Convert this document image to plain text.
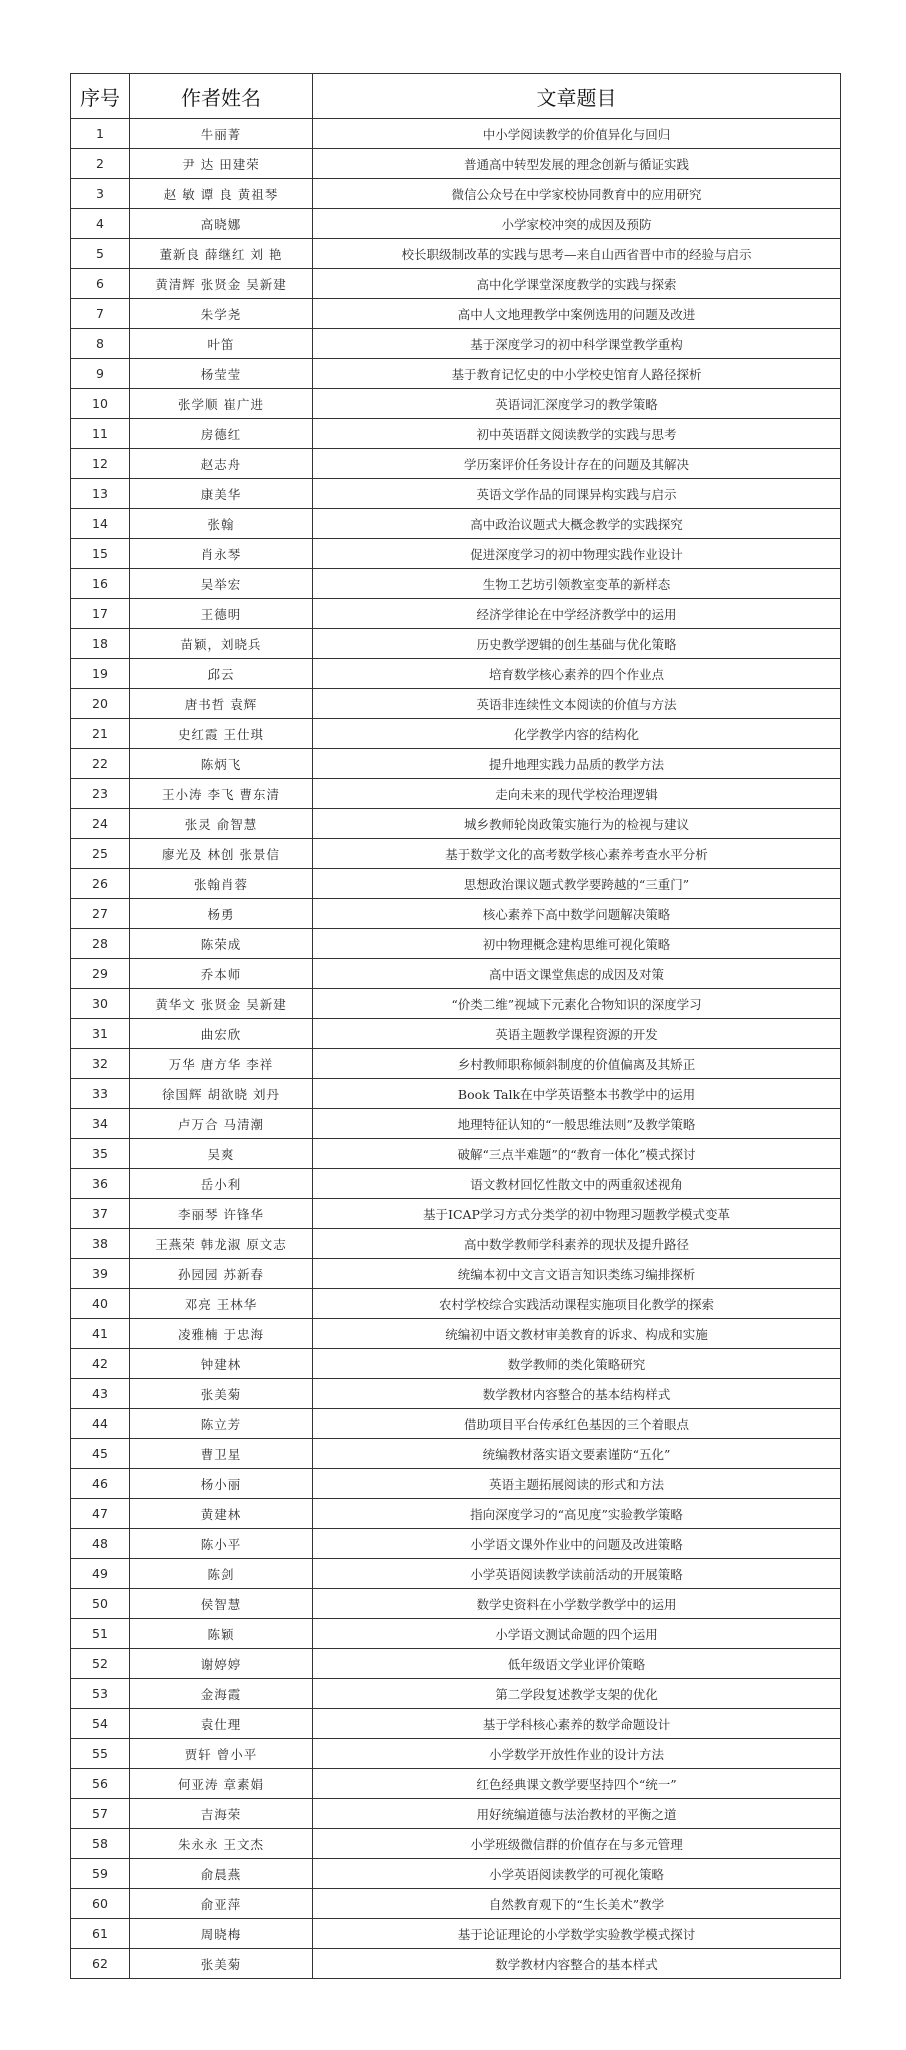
序号	作者姓名	文章题目
1	牛丽菁	中小学阅读教学的价值异化与回归
2	尹 达 田建荣	普通高中转型发展的理念创新与循证实践
3	赵 敏 谭 良 黄祖琴	微信公众号在中学家校协同教育中的应用研究
4	高晓娜	小学家校冲突的成因及预防
5	董新良 薛继红 刘 艳	校长职级制改革的实践与思考—来自山西省晋中市的经验与启示
6	黄清辉 张贤金 吴新建	高中化学课堂深度教学的实践与探索
7	朱学尧	高中人文地理教学中案例选用的问题及改进
8	叶笛	基于深度学习的初中科学课堂教学重构
9	杨莹莹	基于教育记忆史的中小学校史馆育人路径探析
10	张学顺 崔广进	英语词汇深度学习的教学策略
11	房德红	初中英语群文阅读教学的实践与思考
12	赵志舟	学历案评价任务设计存在的问题及其解决
13	康美华	英语文学作品的同课异构实践与启示
14	张翰	高中政治议题式大概念教学的实践探究
15	肖永琴	促进深度学习的初中物理实践作业设计
16	吴举宏	生物工艺坊引领教室变革的新样态
17	王德明	经济学律论在中学经济教学中的运用
18	苗颖，刘晓兵	历史教学逻辑的创生基础与优化策略
19	邱云	培育数学核心素养的四个作业点
20	唐书哲 袁辉	英语非连续性文本阅读的价值与方法
21	史红霞 王仕琪	化学教学内容的结构化
22	陈炳飞	提升地理实践力品质的教学方法
23	王小涛 李飞 曹东清	走向未来的现代学校治理逻辑
24	张灵 俞智慧	城乡教师轮岗政策实施行为的检视与建议
25	廖光及 林创 张景信	基于数学文化的高考数学核心素养考查水平分析
26	张翰肖蓉	思想政治课议题式教学要跨越的“三重门”
27	杨勇	核心素养下高中数学问题解决策略
28	陈荣成	初中物理概念建构思维可视化策略
29	乔本师	高中语文课堂焦虑的成因及对策
30	黄华文 张贤金 吴新建	“价类二维”视域下元素化合物知识的深度学习
31	曲宏欣	英语主题教学课程资源的开发
32	万华 唐方华 李祥	乡村教师职称倾斜制度的价值偏离及其矫正
33	徐国辉 胡欲晓 刘丹	Book Talk在中学英语整本书教学中的运用
34	卢万合 马清潮	地理特征认知的“一般思维法则”及教学策略
35	吴爽	破解“三点半难题”的“教育一体化”模式探讨
36	岳小利	语文教材回忆性散文中的两重叙述视角
37	李丽琴 许锋华	基于ICAP学习方式分类学的初中物理习题教学模式变革
38	王燕荣 韩龙淑 原文志	高中数学教师学科素养的现状及提升路径
39	孙园园 苏新春	统编本初中文言文语言知识类练习编排探析
40	邓亮 王林华	农村学校综合实践活动课程实施项目化教学的探索
41	凌雅楠 于忠海	统编初中语文教材审美教育的诉求、构成和实施
42	钟建林	数学教师的类化策略研究
43	张美菊	数学教材内容整合的基本结构样式
44	陈立芳	借助项目平台传承红色基因的三个着眼点
45	曹卫星	统编教材落实语文要素谨防“五化”
46	杨小丽	英语主题拓展阅读的形式和方法
47	黄建林	指向深度学习的“高见度”实验教学策略
48	陈小平	小学语文课外作业中的问题及改进策略
49	陈剑	小学英语阅读教学读前活动的开展策略
50	侯智慧	数学史资料在小学数学教学中的运用
51	陈颖	小学语文测试命题的四个运用
52	谢婷婷	低年级语文学业评价策略
53	金海霞	第二学段复述教学支架的优化
54	袁仕理	基于学科核心素养的数学命题设计
55	贾轩 曾小平	小学数学开放性作业的设计方法
56	何亚涛 章素娟	红色经典课文教学要坚持四个“统一”
57	吉海荣	用好统编道德与法治教材的平衡之道
58	朱永永 王文杰	小学班级微信群的价值存在与多元管理
59	俞晨燕	小学英语阅读教学的可视化策略
60	俞亚萍	自然教育观下的“生长美术”教学
61	周晓梅	基于论证理论的小学数学实验教学模式探讨
62	张美菊	数学教材内容整合的基本样式
